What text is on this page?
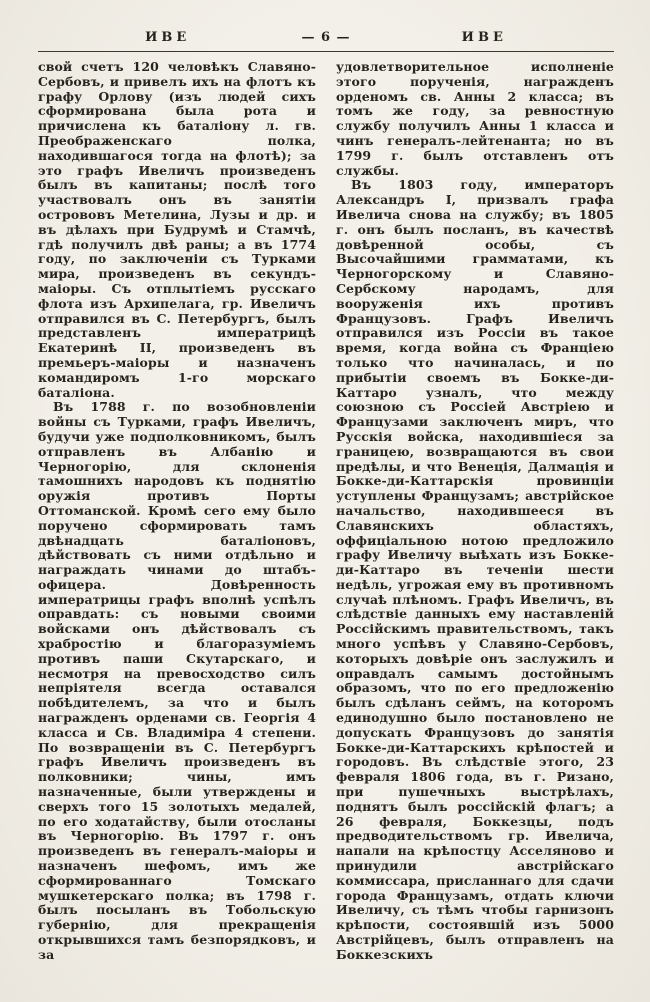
ИВЕ	— 6 —	ИВЕ

свой счетъ 120 человѣкъ Славяно-Сербовъ, и привелъ ихъ на флотъ къ графу Орлову (изъ людей сихъ сформирована была рота и причислена къ баталіону л. гв. Преображенскаго полка, находившагося тогда на флотѣ); за это графъ Ивеличъ произведенъ былъ въ капитаны; послѣ того участвовалъ онъ въ занятіи острововъ Метелина, Лузы и др. и въ дѣлахъ при Будрумѣ и Стамчѣ, гдѣ получилъ двѣ раны; а въ 1774 году, по заключеніи съ Турками мира, произведенъ въ секундъ-маіоры. Съ отплытіемъ русскаго флота изъ Архипелага, гр. Ивеличъ отправился въ С. Петербургъ, былъ представленъ императрицѣ Екатеринѣ II, произведенъ въ премьеръ-маіоры и назначенъ командиромъ 1-го морскаго баталіона.

Въ 1788 г. по возобновленіи войны съ Турками, графъ Ивеличъ, будучи уже подполковникомъ, былъ отправленъ въ Албанію и Черногорію, для склоненія тамошнихъ народовъ къ поднятію оружія противъ Порты Оттоманской. Кромѣ сего ему было поручено сформировать тамъ двѣнадцать баталіоновъ, дѣйствовать съ ними отдѣльно и награждать чинами до штабъ-офицера. Довѣренность императрицы графъ вполнѣ успѣлъ оправдать: съ новыми своими войсками онъ дѣйствовалъ съ храбростію и благоразуміемъ противъ паши Скутарскаго, и несмотря на превосходство силъ непріятеля всегда оставался побѣдителемъ, за что и былъ награжденъ орденами св. Георгія 4 класса и Св. Владиміра 4 степени. По возвращеніи въ С. Петербургъ графъ Ивеличъ произведенъ въ полковники; чины, имъ назначенные, были утверждены и сверхъ того 15 золотыхъ медалей, по его ходатайству, были отосланы въ Черногорію. Въ 1797 г. онъ произведенъ въ генералъ-маіоры и назначенъ шефомъ, имъ же сформированнаго Томскаго мушкетерскаго полка; въ 1798 г. былъ посыланъ въ Тобольскую губернію, для прекращенія открывшихся тамъ безпорядковъ, и за

удовлетворительное исполненіе этого порученія, награжденъ орденомъ св. Анны 2 класса; въ томъ же году, за ревностную службу получилъ Анны 1 класса и чинъ генералъ-лейтенанта; но въ 1799 г. былъ отставленъ отъ службы.

Въ 1803 году, императоръ Александръ I, призвалъ графа Ивелича снова на службу; въ 1805 г. онъ былъ посланъ, въ качествѣ довѣренной особы, съ Высочайшими грамматами, къ Черногорскому и Славяно-Сербскому народамъ, для вооруженія ихъ противъ Французовъ. Графъ Ивеличъ отправился изъ Россіи въ такое время, когда война съ Франціею только что начиналась, и по прибытіи своемъ въ Бокке-ди-Каттаро узналъ, что между союзною съ Россіей Австріею и Французами заключенъ миръ, что Русскія войска, находившіеся за границею, возвращаются въ свои предѣлы, и что Венеція, Далмація и Бокке-ди-Каттарскія провинціи уступлены Французамъ; австрійское начальство, находившееся въ Славянскихъ областяхъ, оффиціальною нотою предложило графу Ивеличу выѣхать изъ Бокке-ди-Каттаро въ теченіи шести недѣль, угрожая ему въ противномъ случаѣ плѣномъ. Графъ Ивеличъ, въ слѣдствіе данныхъ ему наставленій Россійскимъ правительствомъ, такъ много успѣвъ у Славяно-Сербовъ, которыхъ довѣріе онъ заслужилъ и оправдалъ самымъ достойнымъ образомъ, что по его предложенію былъ сдѣланъ сеймъ, на которомъ единодушно было постановлено не допускать Французовъ до занятія Бокке-ди-Каттарскихъ крѣпостей и городовъ. Въ слѣдствіе этого, 23 февраля 1806 года, въ г. Ризано, при пушечныхъ выстрѣлахъ, поднятъ былъ россійскій флагъ; а 26 февраля, Боккезцы, подъ предводительствомъ гр. Ивелича, напали на крѣпостцу Асселяново и принудили австрійскаго коммиссара, присланнаго для сдачи города Французамъ, отдать ключи Ивеличу, съ тѣмъ чтобы гарнизонъ крѣпости, состоявшій изъ 5000 Австрійцевъ, былъ отправленъ на Боккезскихъ
